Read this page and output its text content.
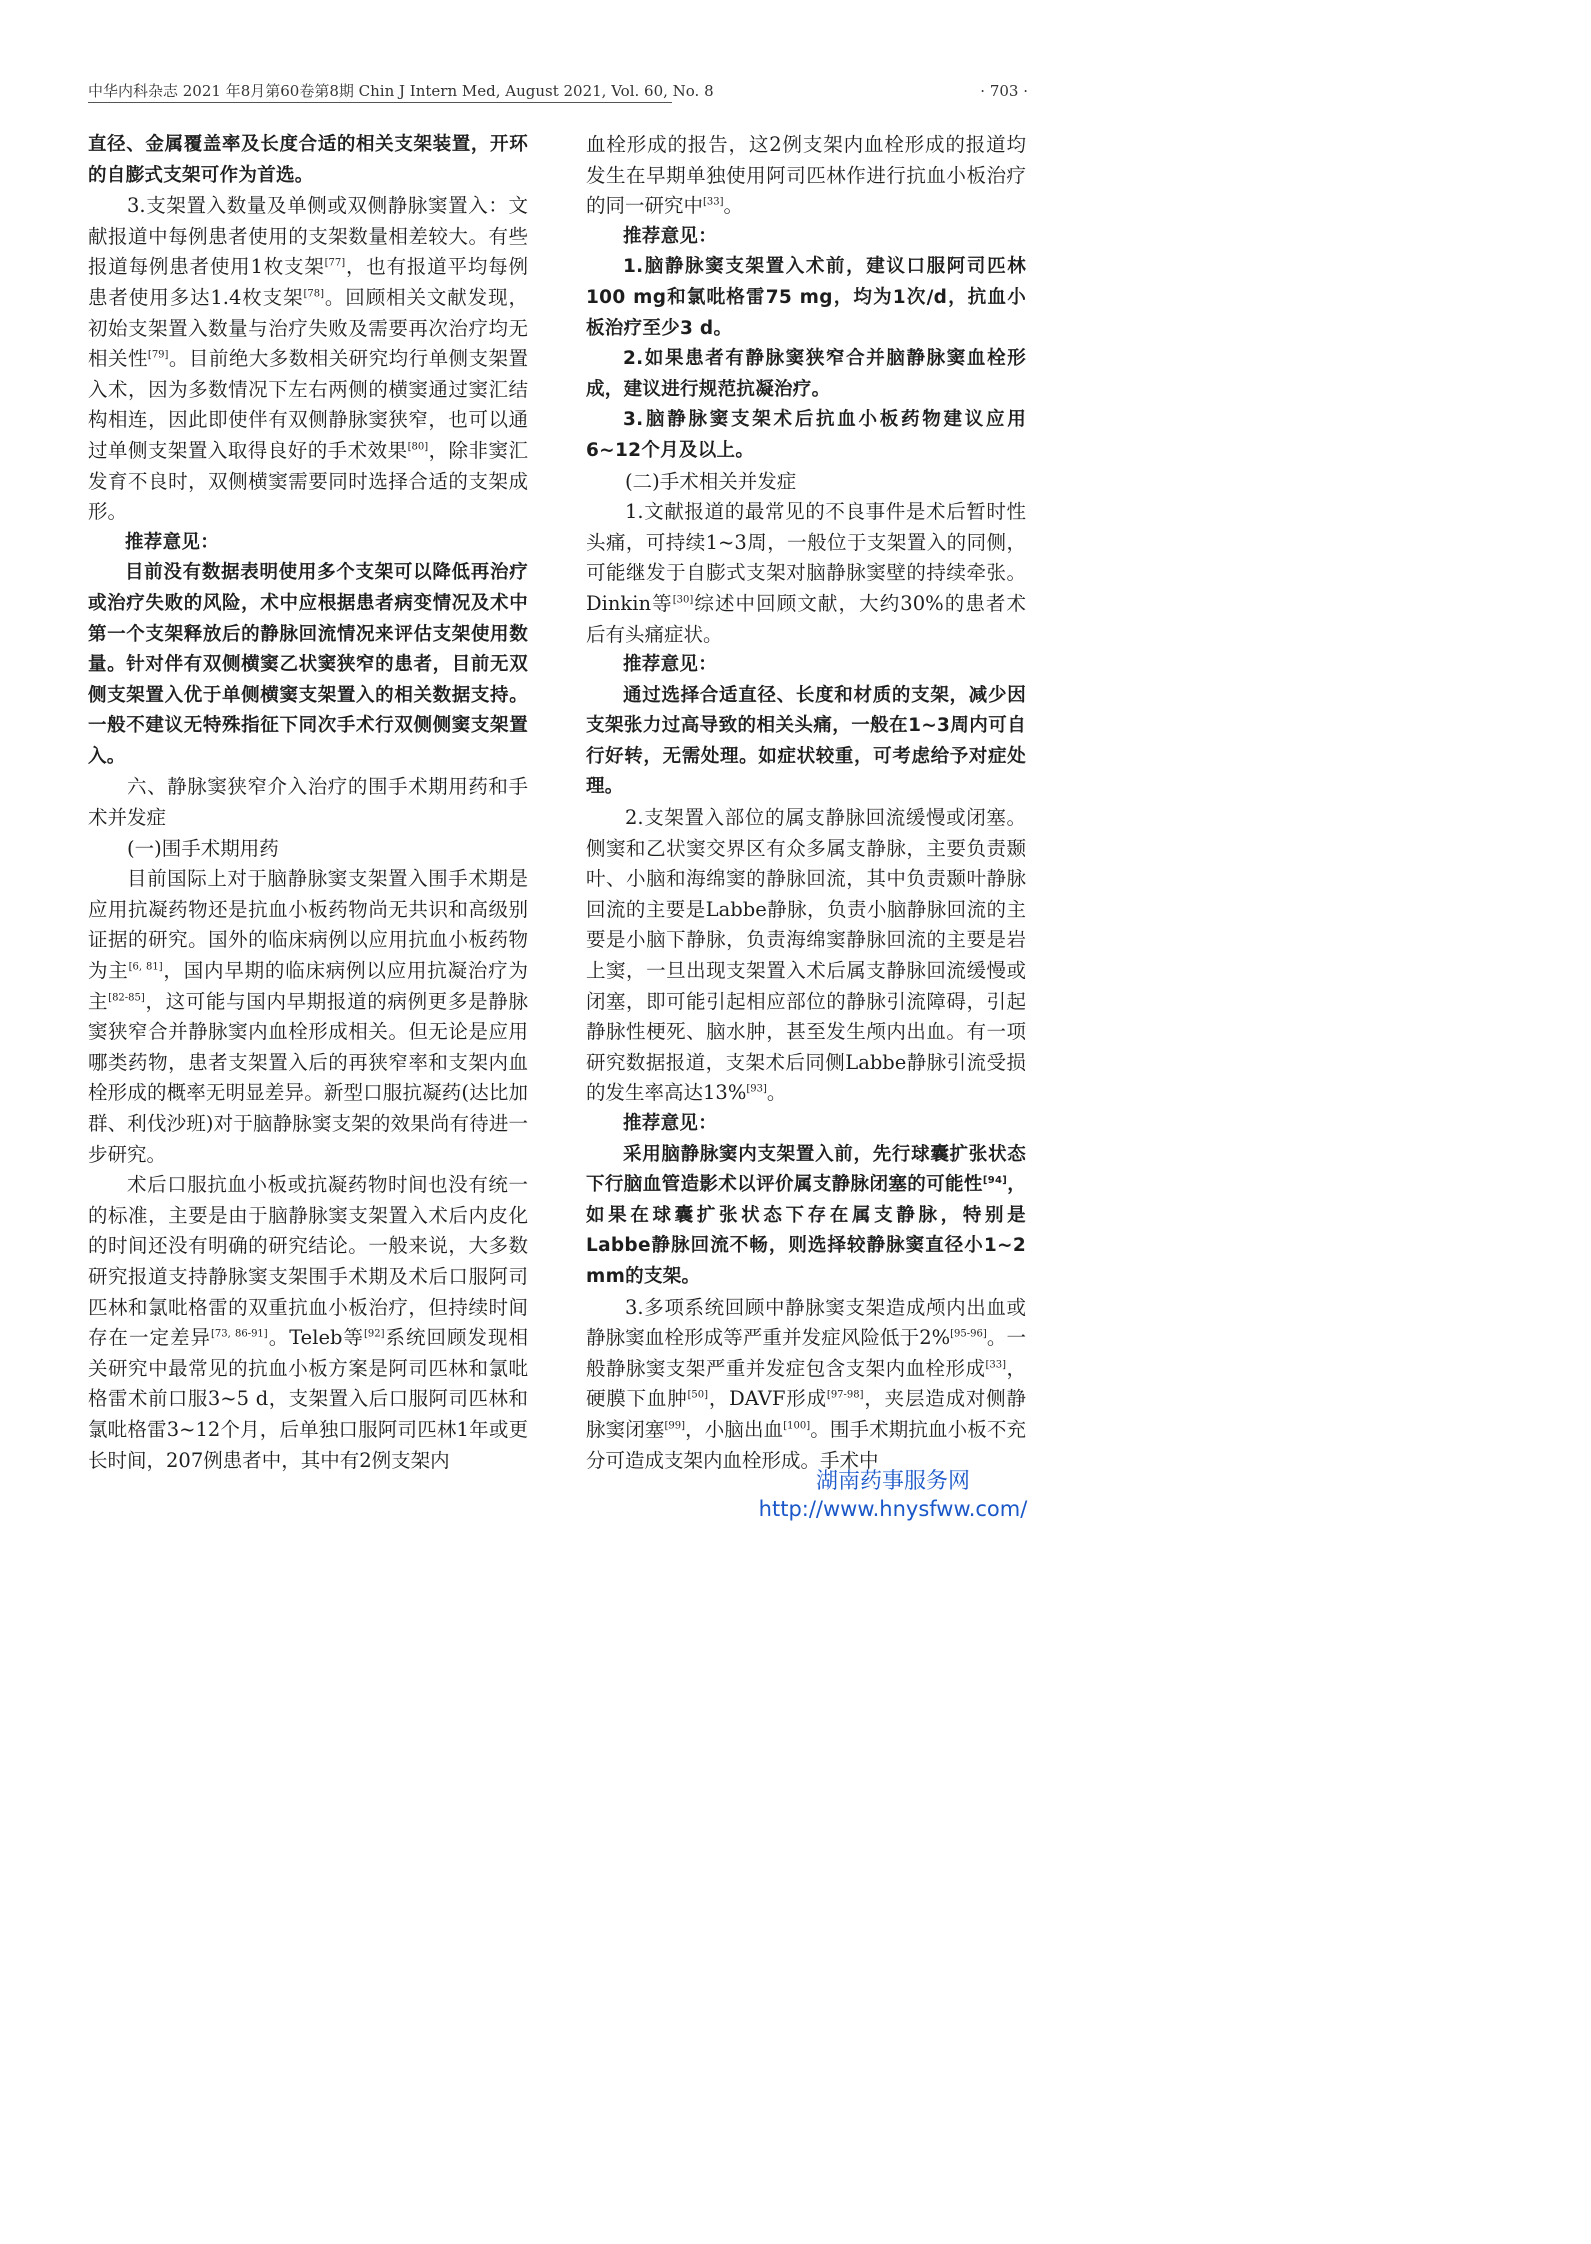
中华内科杂志 2021 年8月第60卷第8期 Chin J Intern Med, August 2021, Vol. 60, No. 8	· 703 ·

直径、金属覆盖率及长度合适的相关支架装置，开环的自膨式支架可作为首选。

3.支架置入数量及单侧或双侧静脉窦置入：文献报道中每例患者使用的支架数量相差较大。有些报道每例患者使用1枚支架[77]，也有报道平均每例患者使用多达1.4枚支架[78]。回顾相关文献发现，初始支架置入数量与治疗失败及需要再次治疗均无相关性[79]。目前绝大多数相关研究均行单侧支架置入术，因为多数情况下左右两侧的横窦通过窦汇结构相连，因此即使伴有双侧静脉窦狭窄，也可以通过单侧支架置入取得良好的手术效果[80]，除非窦汇发育不良时，双侧横窦需要同时选择合适的支架成形。

推荐意见：

目前没有数据表明使用多个支架可以降低再治疗或治疗失败的风险，术中应根据患者病变情况及术中第一个支架释放后的静脉回流情况来评估支架使用数量。针对伴有双侧横窦乙状窦狭窄的患者，目前无双侧支架置入优于单侧横窦支架置入的相关数据支持。一般不建议无特殊指征下同次手术行双侧侧窦支架置入。

六、静脉窦狭窄介入治疗的围手术期用药和手术并发症

(一)围手术期用药

目前国际上对于脑静脉窦支架置入围手术期是应用抗凝药物还是抗血小板药物尚无共识和高级别证据的研究。国外的临床病例以应用抗血小板药物为主[6, 81]，国内早期的临床病例以应用抗凝治疗为主[82-85]，这可能与国内早期报道的病例更多是静脉窦狭窄合并静脉窦内血栓形成相关。但无论是应用哪类药物，患者支架置入后的再狭窄率和支架内血栓形成的概率无明显差异。新型口服抗凝药(达比加群、利伐沙班)对于脑静脉窦支架的效果尚有待进一步研究。

术后口服抗血小板或抗凝药物时间也没有统一的标准，主要是由于脑静脉窦支架置入术后内皮化的时间还没有明确的研究结论。一般来说，大多数研究报道支持静脉窦支架围手术期及术后口服阿司匹林和氯吡格雷的双重抗血小板治疗，但持续时间存在一定差异[73, 86-91]。Teleb等[92]系统回顾发现相关研究中最常见的抗血小板方案是阿司匹林和氯吡格雷术前口服3~5 d，支架置入后口服阿司匹林和氯吡格雷3~12个月，后单独口服阿司匹林1年或更长时间，207例患者中，其中有2例支架内

血栓形成的报告，这2例支架内血栓形成的报道均发生在早期单独使用阿司匹林作进行抗血小板治疗的同一研究中[33]。

推荐意见：

1.脑静脉窦支架置入术前，建议口服阿司匹林100 mg和氯吡格雷75 mg，均为1次/d，抗血小板治疗至少3 d。

2.如果患者有静脉窦狭窄合并脑静脉窦血栓形成，建议进行规范抗凝治疗。

3.脑静脉窦支架术后抗血小板药物建议应用6~12个月及以上。

(二)手术相关并发症

1.文献报道的最常见的不良事件是术后暂时性头痛，可持续1~3周，一般位于支架置入的同侧，可能继发于自膨式支架对脑静脉窦壁的持续牵张。Dinkin等[30]综述中回顾文献，大约30%的患者术后有头痛症状。

推荐意见：

通过选择合适直径、长度和材质的支架，减少因支架张力过高导致的相关头痛，一般在1~3周内可自行好转，无需处理。如症状较重，可考虑给予对症处理。

2.支架置入部位的属支静脉回流缓慢或闭塞。侧窦和乙状窦交界区有众多属支静脉，主要负责颞叶、小脑和海绵窦的静脉回流，其中负责颞叶静脉回流的主要是Labbe静脉，负责小脑静脉回流的主要是小脑下静脉，负责海绵窦静脉回流的主要是岩上窦，一旦出现支架置入术后属支静脉回流缓慢或闭塞，即可能引起相应部位的静脉引流障碍，引起静脉性梗死、脑水肿，甚至发生颅内出血。有一项研究数据报道，支架术后同侧Labbe静脉引流受损的发生率高达13%[93]。

推荐意见：

采用脑静脉窦内支架置入前，先行球囊扩张状态下行脑血管造影术以评价属支静脉闭塞的可能性[94]，如果在球囊扩张状态下存在属支静脉，特别是Labbe静脉回流不畅，则选择较静脉窦直径小1~2 mm的支架。

3.多项系统回顾中静脉窦支架造成颅内出血或静脉窦血栓形成等严重并发症风险低于2%[95-96]。一般静脉窦支架严重并发症包含支架内血栓形成[33]，硬膜下血肿[50]，DAVF形成[97-98]，夹层造成对侧静脉窦闭塞[99]，小脑出血[100]。围手术期抗血小板不充分可造成支架内血栓形成。手术中

湖南药事服务网
http://www.hnysfww.com/
